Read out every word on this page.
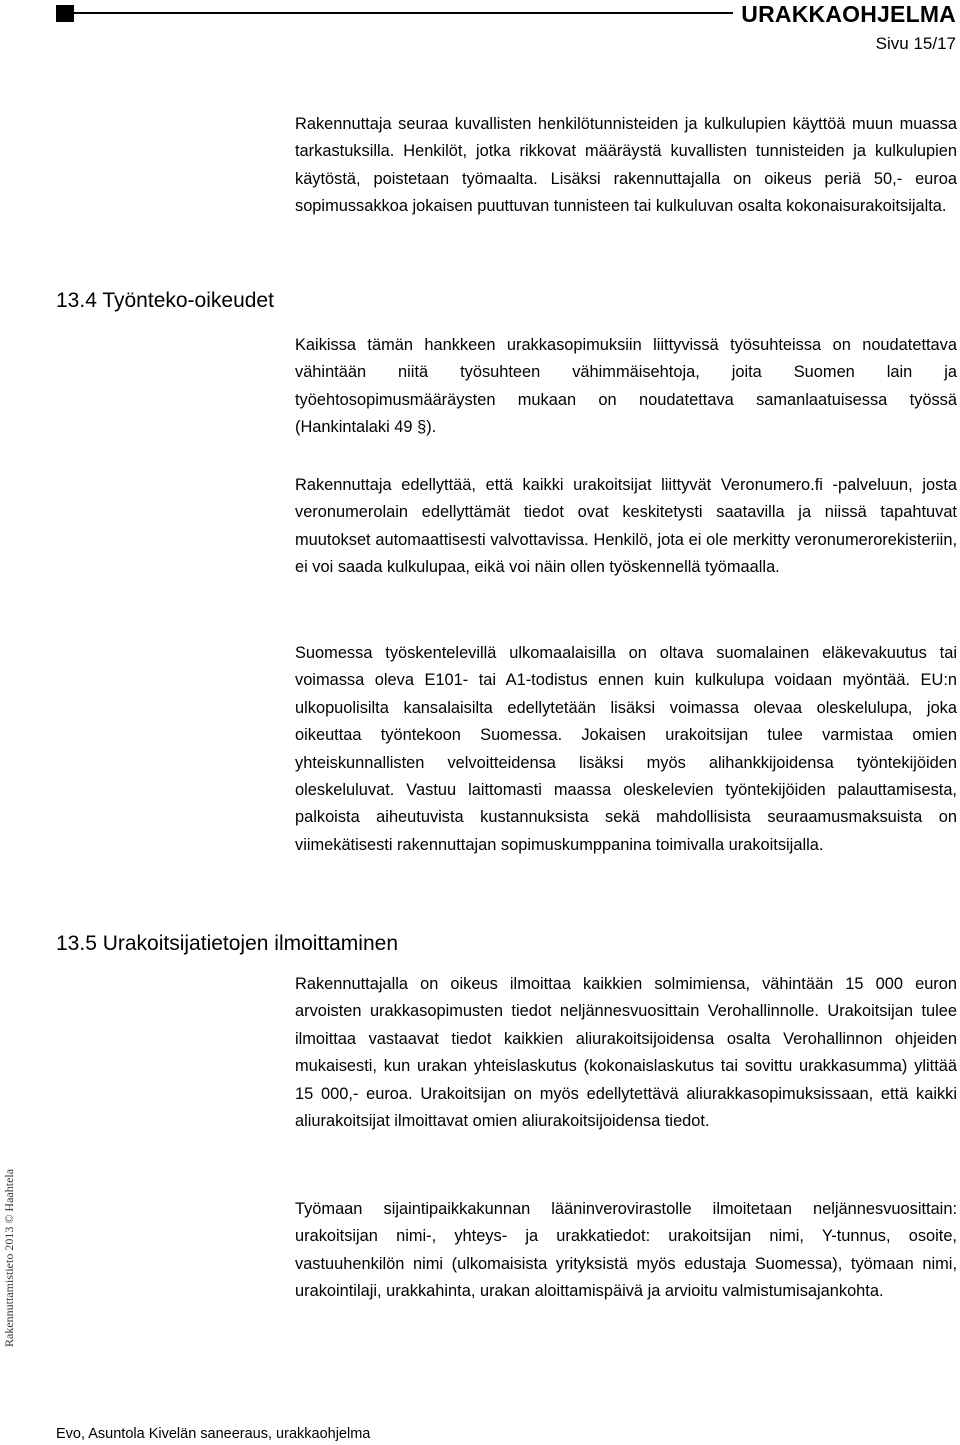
URAKKAOHJELMA
Sivu 15/17

Rakennuttaja seuraa kuvallisten henkilötunnisteiden ja kulkulupien käyttöä muun muassa tarkastuksilla. Henkilöt, jotka rikkovat määräystä kuvallisten tunnisteiden ja kulkulupien käytöstä, poistetaan työmaalta. Lisäksi rakennuttajalla on oikeus periä 50,- euroa sopimussakkoa jokaisen puuttuvan tunnisteen tai kulkuluvan osalta kokonaisurakoitsijalta.

13.4 Työnteko-oikeudet

Kaikissa tämän hankkeen urakkasopimuksiin liittyvissä työsuhteissa on noudatettava vähintään niitä työsuhteen vähimmäisehtoja, joita Suomen lain ja työehtosopimusmääräysten mukaan on noudatettava samanlaatuisessa työssä (Hankintalaki 49 §).

Rakennuttaja edellyttää, että kaikki urakoitsijat liittyvät Veronumero.fi -palveluun, josta veronumerolain edellyttämät tiedot ovat keskitetysti saatavilla ja niissä tapahtuvat muutokset automaattisesti valvottavissa. Henkilö, jota ei ole merkitty veronumerorekisteriin, ei voi saada kulkulupaa, eikä voi näin ollen työskennellä työmaalla.

Suomessa työskentelevillä ulkomaalaisilla on oltava suomalainen eläkevakuutus tai voimassa oleva E101- tai A1-todistus ennen kuin kulkulupa voidaan myöntää. EU:n ulkopuolisilta kansalaisilta edellytetään lisäksi voimassa olevaa oleskelulupa, joka oikeuttaa työntekoon Suomessa. Jokaisen urakoitsijan tulee varmistaa omien yhteiskunnallisten velvoitteidensa lisäksi myös alihankkijoidensa työntekijöiden oleskeluluvat. Vastuu laittomasti maassa oleskelevien työntekijöiden palauttamisesta, palkoista aiheutuvista kustannuksista sekä mahdollisista seuraamusmaksuista on viimekätisesti rakennuttajan sopimuskumppanina toimivalla urakoitsijalla.

13.5 Urakoitsijatietojen ilmoittaminen

Rakennuttajalla on oikeus ilmoittaa kaikkien solmimiensa, vähintään 15 000 euron arvoisten urakkasopimusten tiedot neljännesvuosittain Verohallinnolle. Urakoitsijan tulee ilmoittaa vastaavat tiedot kaikkien aliurakoitsijoidensa osalta Verohallinnon ohjeiden mukaisesti, kun urakan yhteislaskutus (kokonaislaskutus tai sovittu urakkasumma) ylittää 15 000,- euroa. Urakoitsijan on myös edellytettävä aliurakkasopimuksissaan, että kaikki aliurakoitsijat ilmoittavat omien aliurakoitsijoidensa tiedot.

Työmaan sijaintipaikkakunnan lääninverovirastolle ilmoitetaan neljännesvuosittain: urakoitsijan nimi-, yhteys- ja urakkatiedot: urakoitsijan nimi, Y-tunnus, osoite, vastuuhenkilön nimi (ulkomaisista yrityksistä myös edustaja Suomessa), työmaan nimi, urakointilaji, urakkahinta, urakan aloittamispäivä ja arvioitu valmistumisajankohta.

Rakennuttamistieto 2013 © Haahtela
Evo, Asuntola Kivelän saneeraus, urakkaohjelma
